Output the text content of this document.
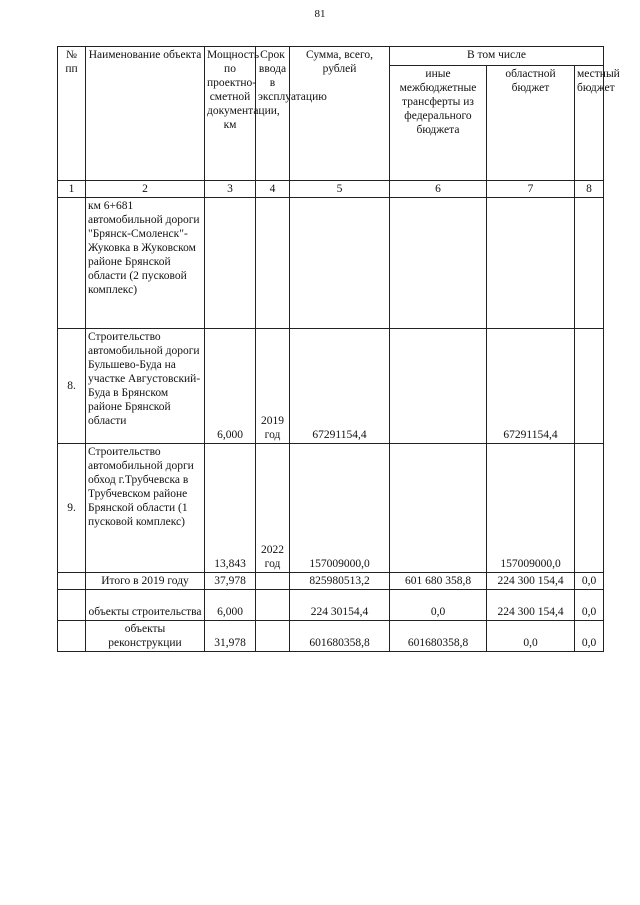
81
№ пп	Наименование объекта	Мощность по проектно-сметной документации, км	Срок ввода в эксплуатацию	Сумма, всего, рублей	В том числе		
					иные межбюджетные трансферты из федерального бюджета	областной бюджет	местный бюджет
1	2	3	4	5	6	7	8
	км 6+681 автомобильной дороги "Брянск-Смоленск"-Жуковка в Жуковском районе Брянской области (2 пусковой комплекс)						
8.	Строительство автомобильной дороги Бульшево-Буда на участке Августовский-Буда в Брянском районе Брянской области	6,000	2019 год	67291154,4		67291154,4	
9.	Строительство автомобильной дорги обход г.Трубчевска в Трубчевском районе Брянской области (1 пусковой комплекс)	13,843	2022 год	157009000,0		157009000,0	
	Итого в 2019 году	37,978		825980513,2	601 680 358,8	224 300 154,4	0,0
	объекты строительства	6,000		224 30154,4	0,0	224 300 154,4	0,0
	объекты реконструкции	31,978		601680358,8	601680358,8	0,0	0,0
